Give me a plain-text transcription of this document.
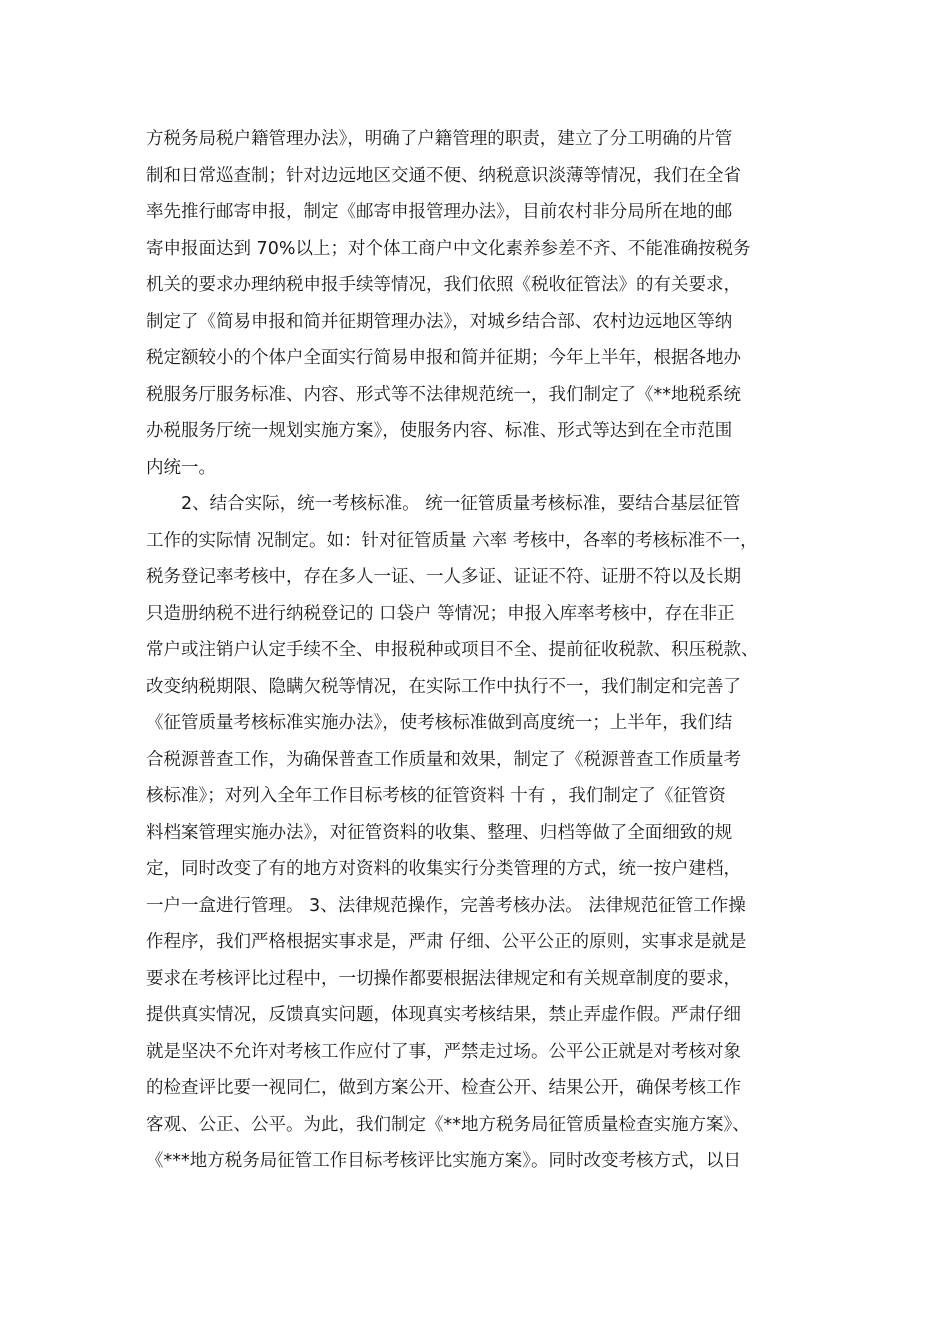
方税务局税户籍管理办法》，明确了户籍管理的职责，建立了分工明确的片管
制和日常巡查制；针对边远地区交通不便、纳税意识淡薄等情况，我们在全省
率先推行邮寄申报，制定《邮寄申报管理办法》，目前农村非分局所在地的邮
寄申报面达到 70%以上；对个体工商户中文化素养参差不齐、不能准确按税务
机关的要求办理纳税申报手续等情况，我们依照《税收征管法》的有关要求，
制定了《简易申报和简并征期管理办法》，对城乡结合部、农村边远地区等纳
税定额较小的个体户全面实行简易申报和简并征期；今年上半年，根据各地办
税服务厅服务标准、内容、形式等不法律规范统一，我们制定了《**地税系统
办税服务厅统一规划实施方案》，使服务内容、标准、形式等达到在全市范围
内统一。
　　2、结合实际，统一考核标准。 统一征管质量考核标准，要结合基层征管
工作的实际情 况制定。如：针对征管质量 六率 考核中，各率的考核标准不一，
税务登记率考核中，存在多人一证、一人多证、证证不符、证册不符以及长期
只造册纳税不进行纳税登记的 口袋户 等情况；申报入库率考核中，存在非正
常户或注销户认定手续不全、申报税种或项目不全、提前征收税款、积压税款、
改变纳税期限、隐瞒欠税等情况，在实际工作中执行不一，我们制定和完善了
《征管质量考核标准实施办法》，使考核标准做到高度统一；上半年，我们结
合税源普查工作，为确保普查工作质量和效果，制定了《税源普查工作质量考
核标准》；对列入全年工作目标考核的征管资料 十有 ，我们制定了《征管资
料档案管理实施办法》，对征管资料的收集、整理、归档等做了全面细致的规
定，同时改变了有的地方对资料的收集实行分类管理的方式，统一按户建档，
一户一盒进行管理。 3、法律规范操作，完善考核办法。 法律规范征管工作操
作程序，我们严格根据实事求是，严肃 仔细、公平公正的原则，实事求是就是
要求在考核评比过程中，一切操作都要根据法律规定和有关规章制度的要求，
提供真实情况，反馈真实问题，体现真实考核结果，禁止弄虚作假。严肃仔细
就是坚决不允许对考核工作应付了事，严禁走过场。公平公正就是对考核对象
的检查评比要一视同仁，做到方案公开、检查公开、结果公开，确保考核工作
客观、公正、公平。为此，我们制定《**地方税务局征管质量检查实施方案》、
《***地方税务局征管工作目标考核评比实施方案》。同时改变考核方式，以日
